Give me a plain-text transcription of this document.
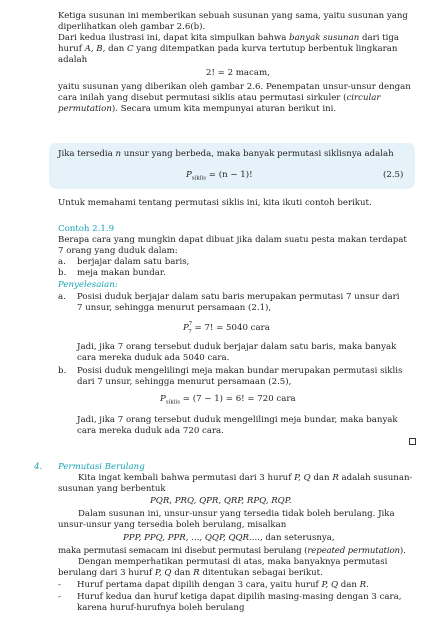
Ketiga susunan ini memberikan sebuah susunan yang sama, yaitu susunan yang
diperlihatkan oleh gambar 2.6(b).
Dari kedua ilustrasi ini, dapat kita simpulkan bahwa banyak susunan dari tiga
huruf A, B, dan C yang ditempatkan pada kurva tertutup berbentuk lingkaran
adalah
2! = 2 macam,
yaitu susunan yang diberikan oleh gambar 2.6. Penempatan unsur-unsur dengan
cara inilah yang disebut permutasi siklis atau permutasi sirkuler (circular
permutation). Secara umum kita mempunyai aturan berikut ini.
Jika tersedia n unsur yang berbeda, maka banyak permutasi siklisnya adalah
$P_{siklis} = (n - 1)$!	(2.5)
Untuk memahami tentang permutasi siklis ini, kita ikuti contoh berikut.
Contoh 2.1.9
Berapa cara yang mungkin dapat dibuat jika dalam suatu pesta makan terdapat
7 orang yang duduk dalam:
a. berjajar dalam satu baris,
b. meja makan bundar.
Penyelesaian:
a. Posisi duduk berjajar dalam satu baris merupakan permutasi 7 unsur dari
7 unsur, sehingga menurut persamaan (2.1),
$P^7_7 = 7$! = 5040 cara
Jadi, jika 7 orang tersebut duduk berjajar dalam satu baris, maka banyak
cara mereka duduk ada 5040 cara.
b. Posisi duduk mengelilingi meja makan bundar merupakan permutasi siklis
dari 7 unsur, sehingga menurut persamaan (2.5),
$P_{siklis} = (7 - 1) = 6$! = 720 cara
Jadi, jika 7 orang tersebut duduk mengelilingi meja bundar, maka banyak
cara mereka duduk ada 720 cara.
4. Permutasi Berulang
Kita ingat kembali bahwa permutasi dari 3 huruf P, Q dan R adalah susunan-
susunan yang berbentuk
PQR, PRQ, QPR, QRP, RPQ, RQP.
Dalam susunan ini, unsur-unsur yang tersedia tidak boleh berulang. Jika
unsur-unsur yang tersedia boleh berulang, misalkan
PPP, PPQ, PPR, ..., QQP, QQR...., dan seterusnya,
maka permutasi semacam ini disebut permutasi berulang (repeated permutation).
Dengan memperhatikan permutasi di atas, maka banyaknya permutasi
berulang dari 3 huruf P, Q dan R ditentukan sebagai berikut.
- Huruf pertama dapat dipilih dengan 3 cara, yaitu huruf P, Q dan R.
- Huruf kedua dan huruf ketiga dapat dipilih masing-masing dengan 3 cara,
karena huruf-hurufnya boleh berulang
